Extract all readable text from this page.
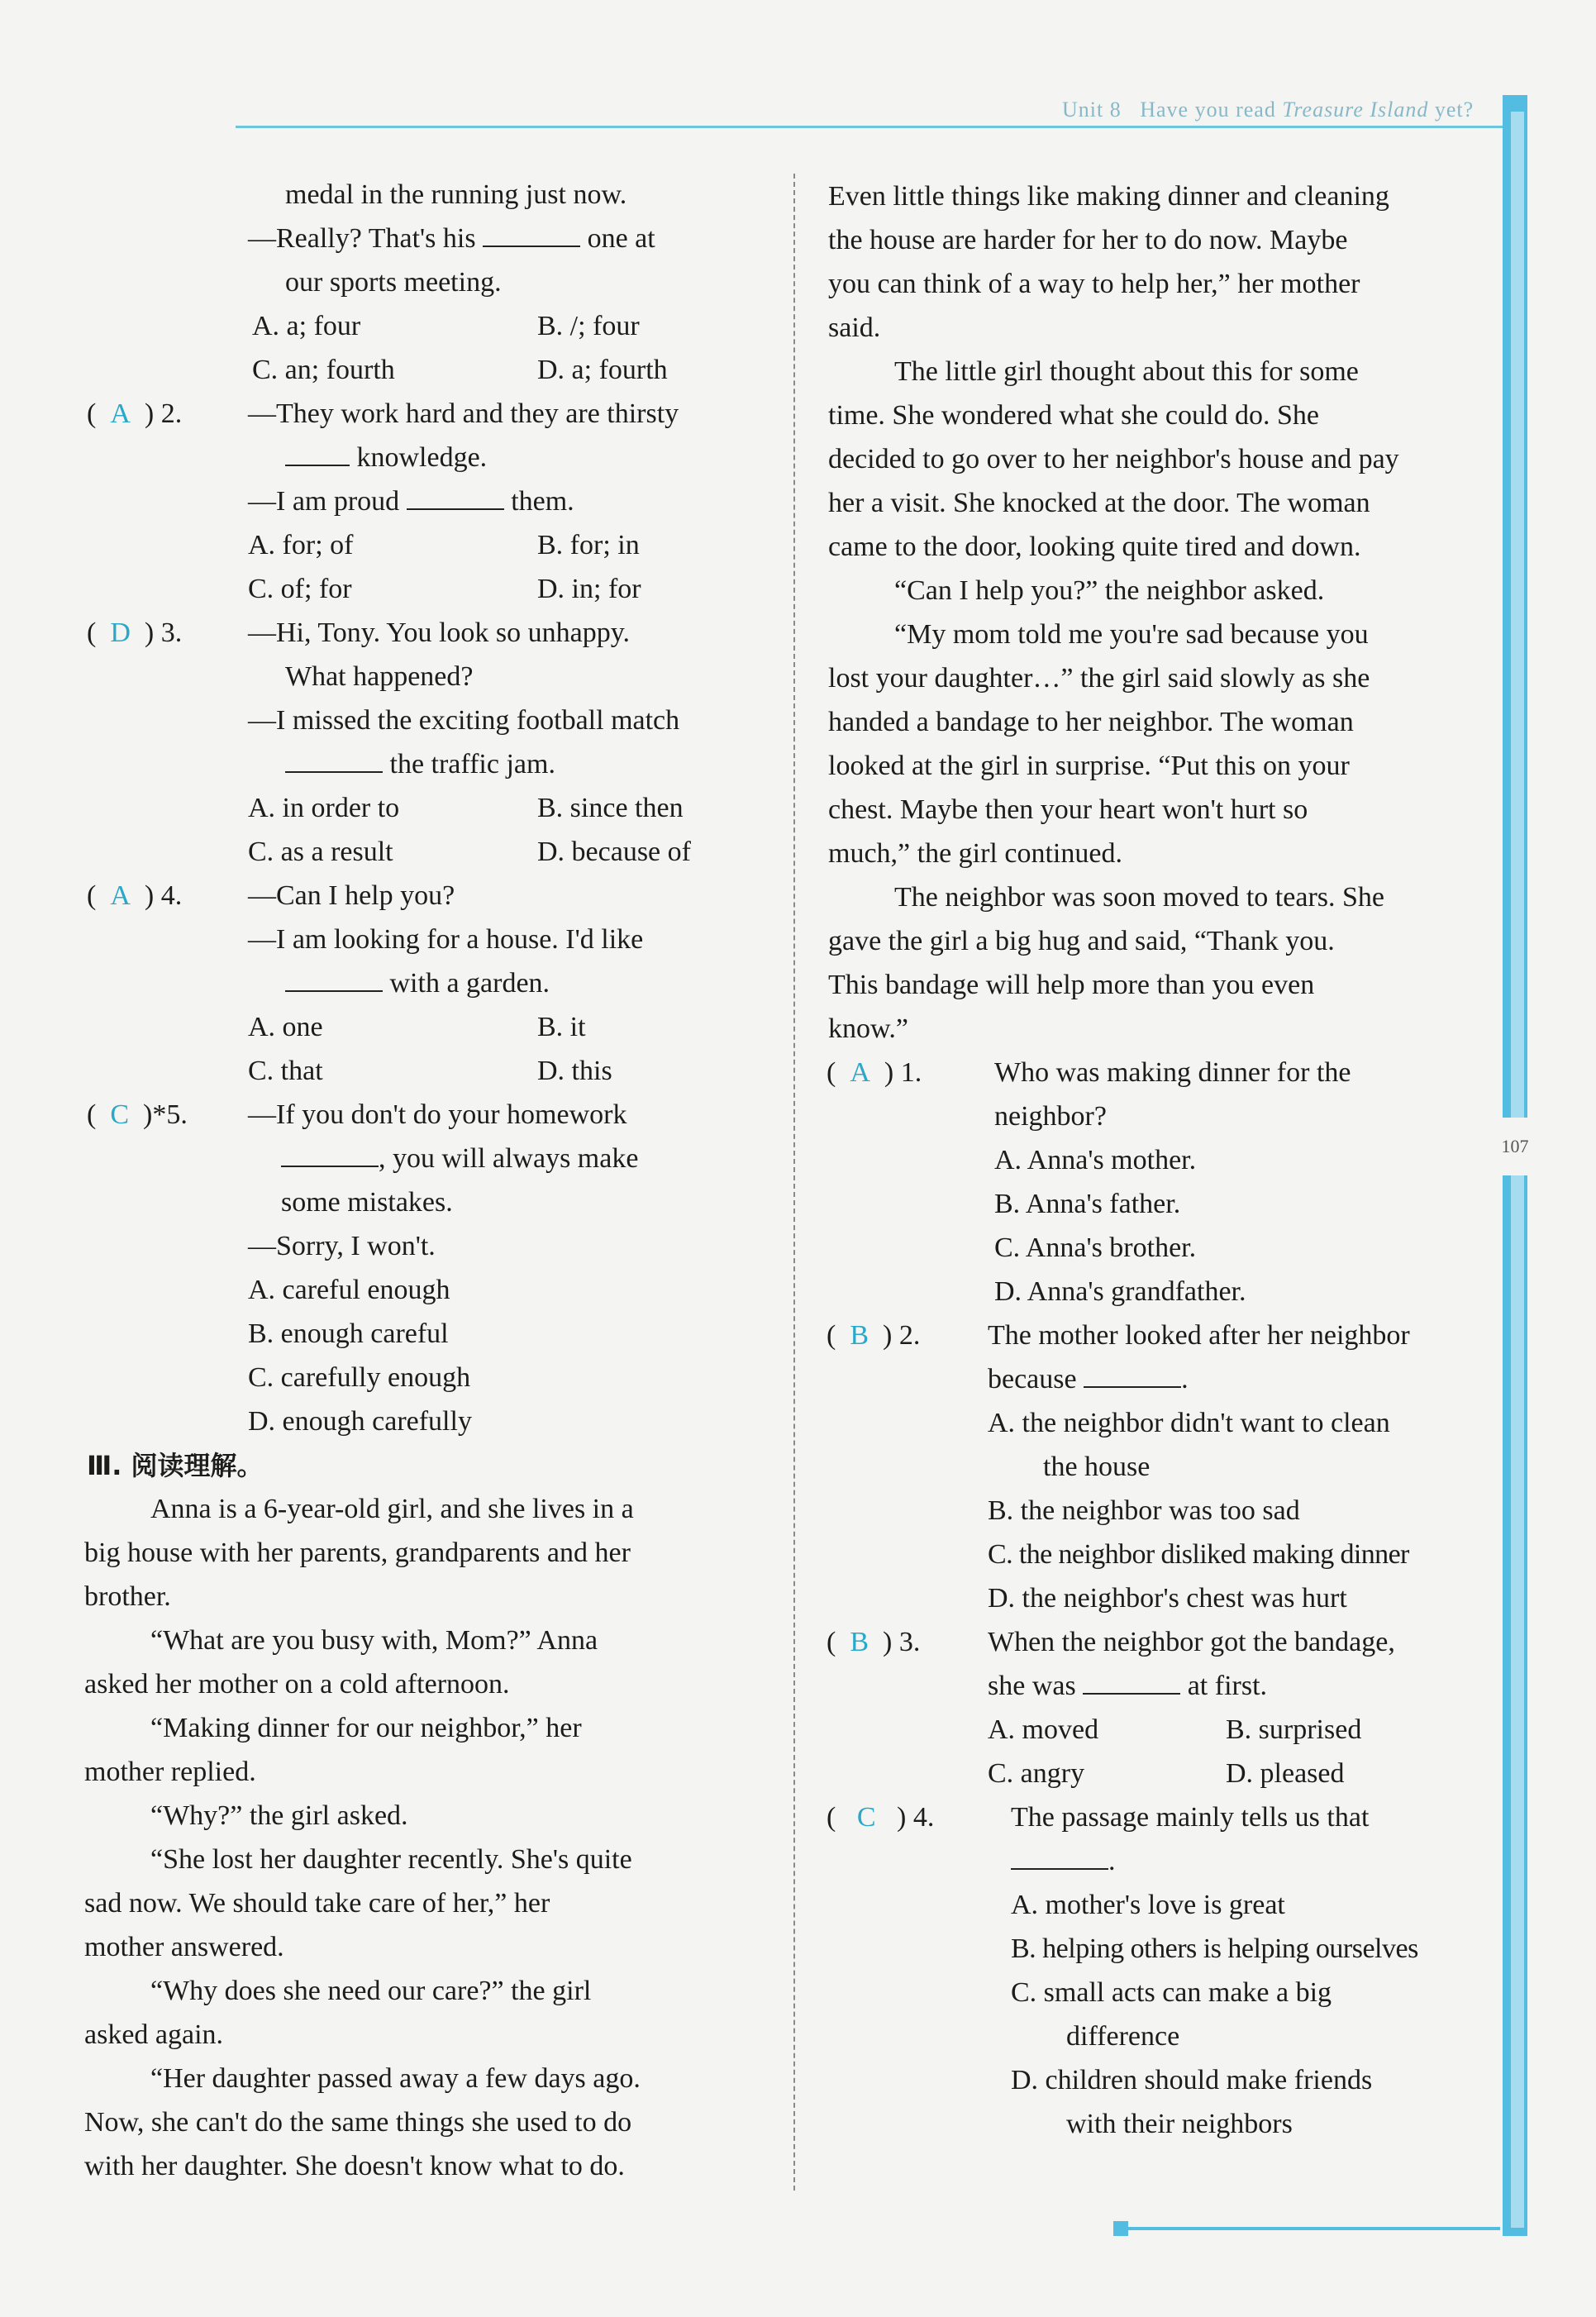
Unit 8 Have you read Treasure Island yet?
107
medal in the running just now.
—Really? That's his	one at
our sports meeting.
A. a; four	B. /; four
C. an; fourth	D. a; fourth
(  A ) 2. —They work hard and they are thirsty
knowledge.
—I am proud	them.
A. for; of	B. for; in
C. of; for	D. in; for
(  D ) 3. —Hi, Tony. You look so unhappy.
What happened?
—I missed the exciting football match
the traffic jam.
A. in order to	B. since then
C. as a result	D. because of
(  A ) 4. —Can I help you?
—I am looking for a house. I'd like
with a garden.
A. one	B. it
C. that	D. this
(  C )*5. —If you don't do your homework
, you will always make
some mistakes.
—Sorry, I won't.
A. careful enough
B. enough careful
C. carefully enough
D. enough carefully
Ⅲ. 阅读理解。
Anna is a 6-year-old girl, and she lives in a
big house with her parents, grandparents and her
brother.
“What are you busy with, Mom?” Anna
asked her mother on a cold afternoon.
“Making dinner for our neighbor,” her
mother replied.
“Why?” the girl asked.
“She lost her daughter recently. She's quite
sad now. We should take care of her,” her
mother answered.
“Why does she need our care?” the girl
asked again.
“Her daughter passed away a few days ago.
Now, she can't do the same things she used to do
with her daughter. She doesn't know what to do.
Even little things like making dinner and cleaning
the house are harder for her to do now. Maybe
you can think of a way to help her,” her mother
said.
The little girl thought about this for some
time. She wondered what she could do. She
decided to go over to her neighbor's house and pay
her a visit. She knocked at the door. The woman
came to the door, looking quite tired and down.
“Can I help you?” the neighbor asked.
“My mom told me you're sad because you
lost your daughter…” the girl said slowly as she
handed a bandage to her neighbor. The woman
looked at the girl in surprise. “Put this on your
chest. Maybe then your heart won't hurt so
much,” the girl continued.
The neighbor was soon moved to tears. She
gave the girl a big hug and said, “Thank you.
This bandage will help more than you even
know.”
(  A ) 1.	Who was making dinner for the
neighbor?
A. Anna's mother.
B. Anna's father.
C. Anna's brother.
D. Anna's grandfather.
(  B ) 2. The mother looked after her neighbor
because	.
A. the neighbor didn't want to clean
the house
B. the neighbor was too sad
C. the neighbor disliked making dinner
D. the neighbor's chest was hurt
(  B ) 3. When the neighbor got the bandage,
she was	at first.
A. moved	B. surprised
C. angry	D. pleased
(   C ) 4.	The passage mainly tells us that
.
A. mother's love is great
B. helping others is helping ourselves
C. small acts can make a big
difference
D. children should make friends
with their neighbors
